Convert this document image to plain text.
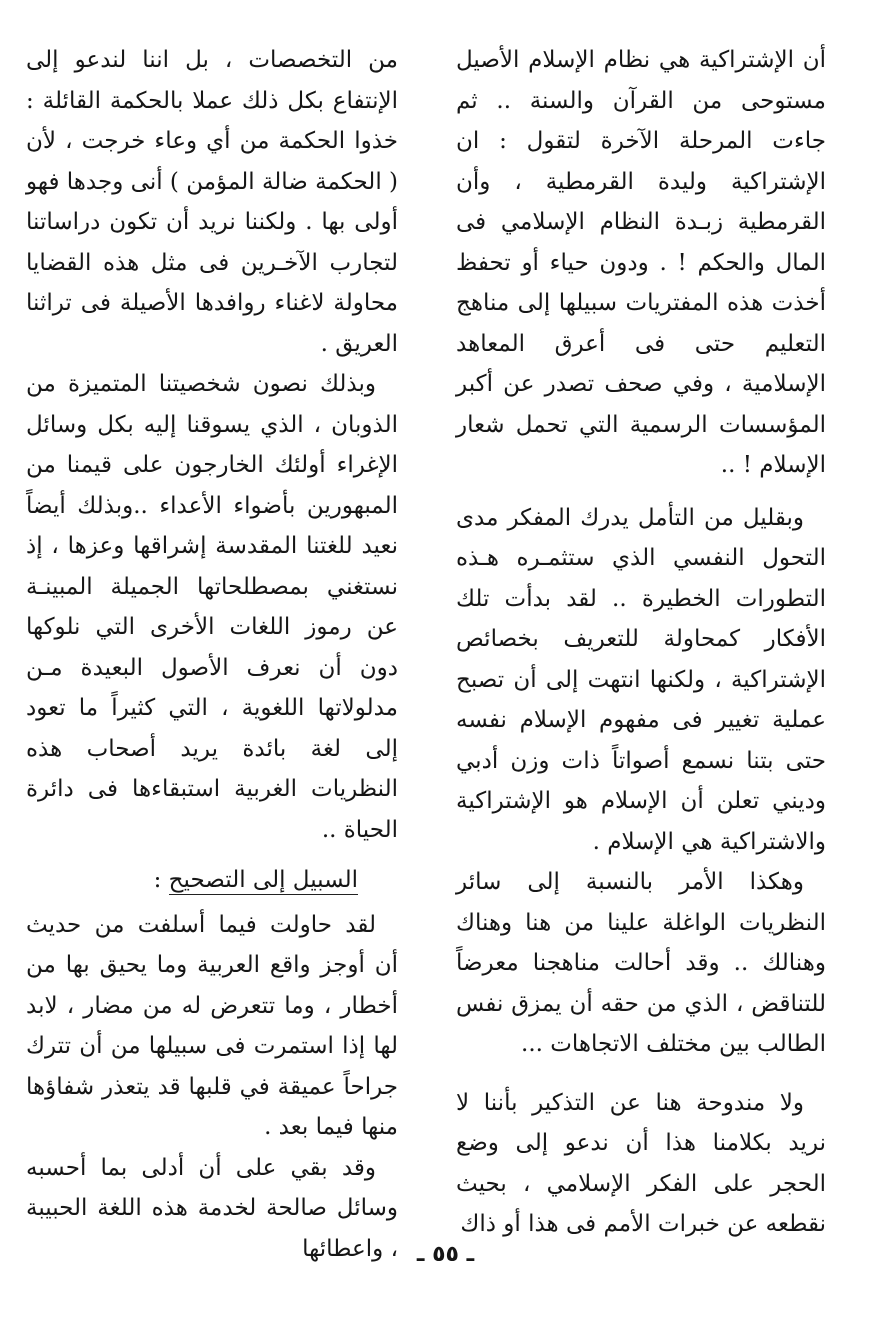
أن الإشتراكية هي نظام الإسلام الأصيل مستوحى من القرآن والسنة .. ثم جاءت المرحلة الآخرة لتقول : ان الإشتراكية وليدة القرمطية ، وأن القرمطية زبـدة النظام الإسلامي فى المال والحكم ! . ودون حياء أو تحفظ أخذت هذه المفتريات سبيلها إلى مناهج التعليم حتى فى أعرق المعاهد الإسلامية ، وفي صحف تصدر عن أكبر المؤسسات الرسمية التي تحمل شعار الإسلام ! ..

وبقليل من التأمل يدرك المفكر مدى التحول النفسي الذي ستثمـره هـذه التطورات الخطيرة .. لقد بدأت تلك الأفكار كمحاولة للتعريف بخصائص الإشتراكية ، ولكنها انتهت إلى أن تصبح عملية تغيير فى مفهوم الإسلام نفسه حتى بتنا نسمع أصواتاً ذات وزن أدبي وديني تعلن أن الإسلام هو الإشتراكية والاشتراكية هي الإسلام .

وهكذا الأمر بالنسبة إلى سائر النظريات الواغلة علينا من هنا وهناك وهنالك .. وقد أحالت مناهجنا معرضاً للتناقض ، الذي من حقه أن يمزق نفس الطالب بين مختلف الاتجاهات ...

ولا مندوحة هنا عن التذكير بأننا لا نريد بكلامنا هذا أن ندعو إلى وضع الحجر على الفكر الإسلامي ، بحيث نقطعه عن خبرات الأمم فى هذا أو ذاك

من التخصصات ، بل اننا لندعو إلى الإنتفاع بكل ذلك عملا بالحكمة القائلة : خذوا الحكمة من أي وعاء خرجت ، لأن ( الحكمة ضالة المؤمن ) أنى وجدها فهو أولى بها . ولكننا نريد أن تكون دراساتنا لتجارب الآخـرين فى مثل هذه القضايا محاولة لاغناء روافدها الأصيلة فى تراثنا العريق .

وبذلك نصون شخصيتنا المتميزة من الذوبان ، الذي يسوقنا إليه بكل وسائل الإغراء أولئك الخارجون على قيمنا من المبهورين بأضواء الأعداء ..وبذلك أيضاً نعيد للغتنا المقدسة إشراقها وعزها ، إذ نستغني بمصطلحاتها الجميلة المبينـة عن رموز اللغات الأخرى التي نلوكها دون أن نعرف الأصول البعيدة مـن مدلولاتها اللغوية ، التي كثيراً ما تعود إلى لغة بائدة يريد أصحاب هذه النظريات الغربية استبقاءها فى دائرة الحياة ..

السبيل إلى التصحيح :

لقد حاولت فيما أسلفت من حديث أن أوجز واقع العربية وما يحيق بها من أخطار ، وما تتعرض له من مضار ، لابد لها إذا استمرت فى سبيلها من أن تترك جراحاً عميقة في قلبها قد يتعذر شفاؤها منها فيما بعد .

وقد بقي على أن أدلى بما أحسبه وسائل صالحة لخدمة هذه اللغة الحبيبة ، واعطائها ـ ٥٥ ـ
